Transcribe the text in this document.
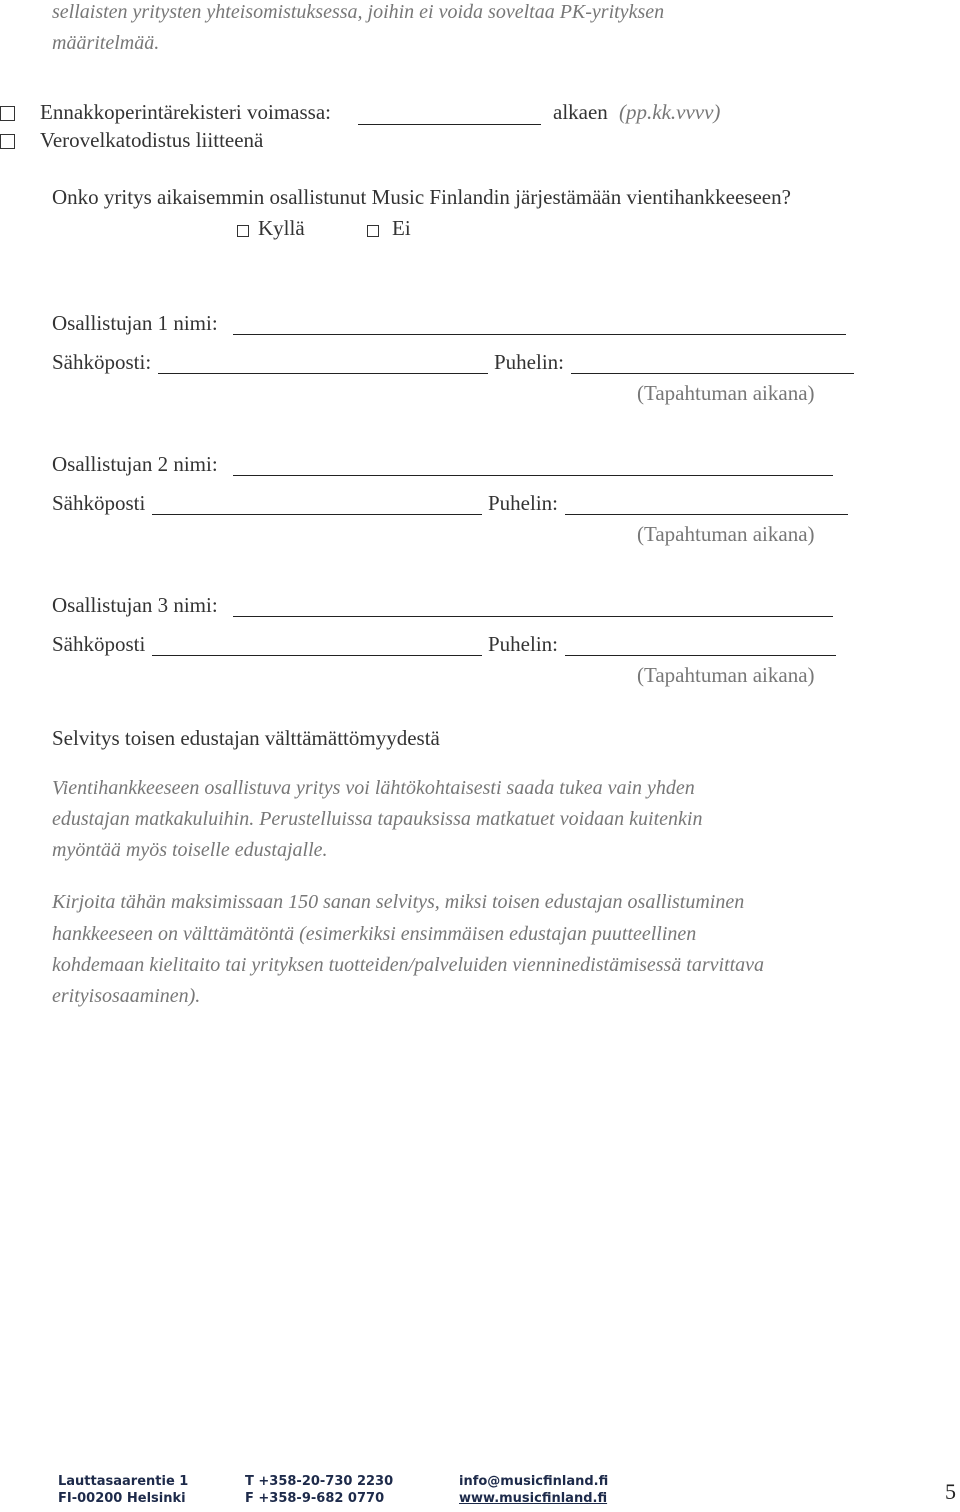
sellaisten yritysten yhteisomistuksessa, joihin ei voida soveltaa PK-yrityksen
määritelmää.
Ennakkoperintärekisteri voimassa:	alkaen (pp.kk.vvvv)
Verovelkatodistus liitteenä
Onko yritys aikaisemmin osallistunut Music Finlandin järjestämään vientihankkeeseen?
Kyllä	Ei
Osallistujan 1 nimi:
Sähköposti:	Puhelin:
(Tapahtuman aikana)
Osallistujan 2 nimi:
Sähköposti	Puhelin:
(Tapahtuman aikana)
Osallistujan 3 nimi:
Sähköposti	Puhelin:
(Tapahtuman aikana)
Selvitys toisen edustajan välttämättömyydestä
Vientihankkeeseen osallistuva yritys voi lähtökohtaisesti saada tukea vain yhden
edustajan matkakuluihin. Perustelluissa tapauksissa matkatuet voidaan kuitenkin
myöntää myös toiselle edustajalle.
Kirjoita tähän maksimissaan 150 sanan selvitys, miksi toisen edustajan osallistuminen
hankkeeseen on välttämätöntä (esimerkiksi ensimmäisen edustajan puutteellinen
kohdemaan kielitaito tai yrityksen tuotteiden/palveluiden vienninedistämisessä tarvittava
erityisosaaminen).
Lauttasaarentie 1
FI-00200 Helsinki
T +358-20-730 2230
F +358-9-682 0770
info@musicfinland.fi
www.musicfinland.fi	5
